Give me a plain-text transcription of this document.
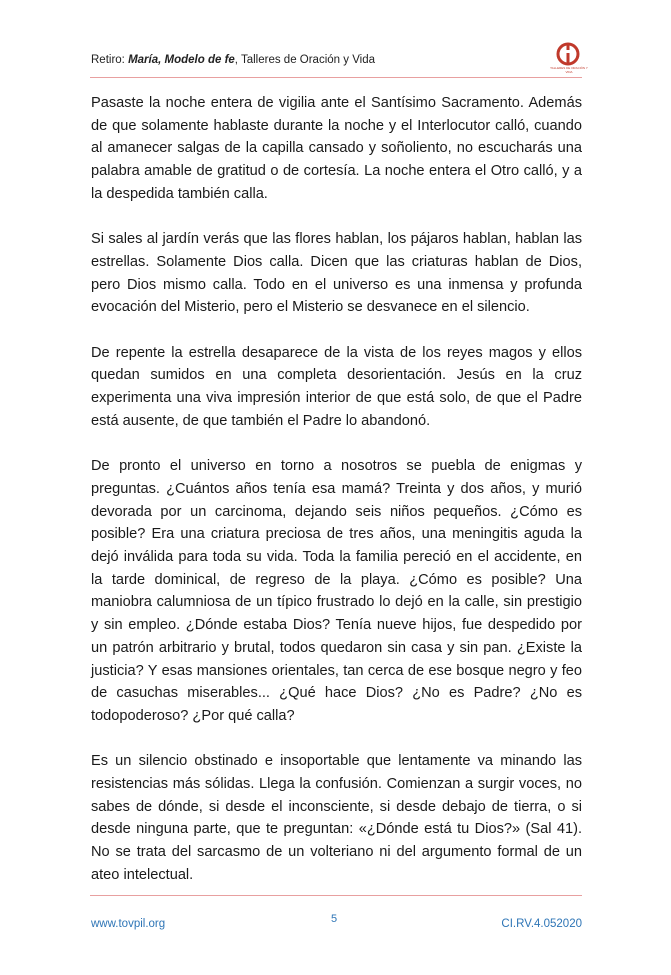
Retiro: María, Modelo de fe, Talleres de Oración y Vida
TALLERES DE ORACIÓN Y VIDA

Pasaste la noche entera de vigilia ante el Santísimo Sacramento. Además de que solamente hablaste durante la noche y el Interlocutor calló, cuando al amanecer salgas de la capilla cansado y soñoliento, no escucharás una palabra amable de gratitud o de cortesía. La noche entera el Otro calló, y a la despedida también calla.

Si sales al jardín verás que las flores hablan, los pájaros hablan, hablan las estrellas. Solamente Dios calla. Dicen que las criaturas hablan de Dios, pero Dios mismo calla. Todo en el universo es una inmensa y profunda evocación del Misterio, pero el Misterio se desvanece en el silencio.

De repente la estrella desaparece de la vista de los reyes magos y ellos quedan sumidos en una completa desorientación. Jesús en la cruz experimenta una viva impresión interior de que está solo, de que el Padre está ausente, de que también el Padre lo abandonó.

De pronto el universo en torno a nosotros se puebla de enigmas y preguntas. ¿Cuántos años tenía esa mamá? Treinta y dos años, y murió devorada por un carcinoma, dejando seis niños pequeños. ¿Cómo es posible? Era una criatura preciosa de tres años, una meningitis aguda la dejó inválida para toda su vida. Toda la familia pereció en el accidente, en la tarde dominical, de regreso de la playa. ¿Cómo es posible? Una maniobra calumniosa de un típico frustrado lo dejó en la calle, sin prestigio y sin empleo. ¿Dónde estaba Dios? Tenía nueve hijos, fue despedido por un patrón arbitrario y brutal, todos quedaron sin casa y sin pan. ¿Existe la justicia? Y esas mansiones orientales, tan cerca de ese bosque negro y feo de casuchas miserables... ¿Qué hace Dios? ¿No es Padre? ¿No es todopoderoso? ¿Por qué calla?

Es un silencio obstinado e insoportable que lentamente va minando las resistencias más sólidas. Llega la confusión. Comienzan a surgir voces, no sabes de dónde, si desde el inconsciente, si desde debajo de tierra, o si desde ninguna parte, que te preguntan: «¿Dónde está tu Dios?» (Sal 41). No se trata del sarcasmo de un volteriano ni del argumento formal de un ateo intelectual.

www.tovpil.org	5	CI.RV.4.052020
